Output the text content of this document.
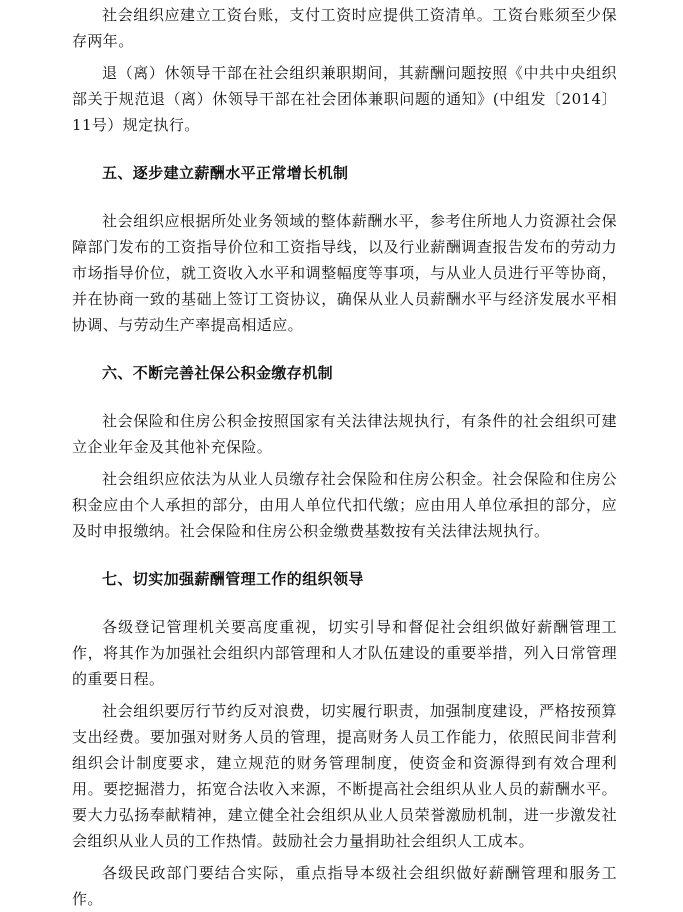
社会组织应建立工资台账，支付工资时应提供工资清单。工资台账须至少保存两年。

退（离）休领导干部在社会组织兼职期间，其薪酬问题按照《中共中央组织部关于规范退（离）休领导干部在社会团体兼职问题的通知》(中组发〔2014〕11号）规定执行。

五、逐步建立薪酬水平正常增长机制

社会组织应根据所处业务领域的整体薪酬水平，参考住所地人力资源社会保障部门发布的工资指导价位和工资指导线，以及行业薪酬调查报告发布的劳动力市场指导价位，就工资收入水平和调整幅度等事项，与从业人员进行平等协商，并在协商一致的基础上签订工资协议，确保从业人员薪酬水平与经济发展水平相协调、与劳动生产率提高相适应。

六、不断完善社保公积金缴存机制

社会保险和住房公积金按照国家有关法律法规执行，有条件的社会组织可建立企业年金及其他补充保险。

社会组织应依法为从业人员缴存社会保险和住房公积金。社会保险和住房公积金应由个人承担的部分，由用人单位代扣代缴；应由用人单位承担的部分，应及时申报缴纳。社会保险和住房公积金缴费基数按有关法律法规执行。

七、切实加强薪酬管理工作的组织领导

各级登记管理机关要高度重视，切实引导和督促社会组织做好薪酬管理工作，将其作为加强社会组织内部管理和人才队伍建设的重要举措，列入日常管理的重要日程。

社会组织要厉行节约反对浪费，切实履行职责，加强制度建设，严格按预算支出经费。要加强对财务人员的管理，提高财务人员工作能力，依照民间非营利组织会计制度要求，建立规范的财务管理制度，使资金和资源得到有效合理利用。要挖掘潜力，拓宽合法收入来源，不断提高社会组织从业人员的薪酬水平。要大力弘扬奉献精神，建立健全社会组织从业人员荣誉激励机制，进一步激发社会组织从业人员的工作热情。鼓励社会力量捐助社会组织人工成本。

各级民政部门要结合实际，重点指导本级社会组织做好薪酬管理和服务工作。
